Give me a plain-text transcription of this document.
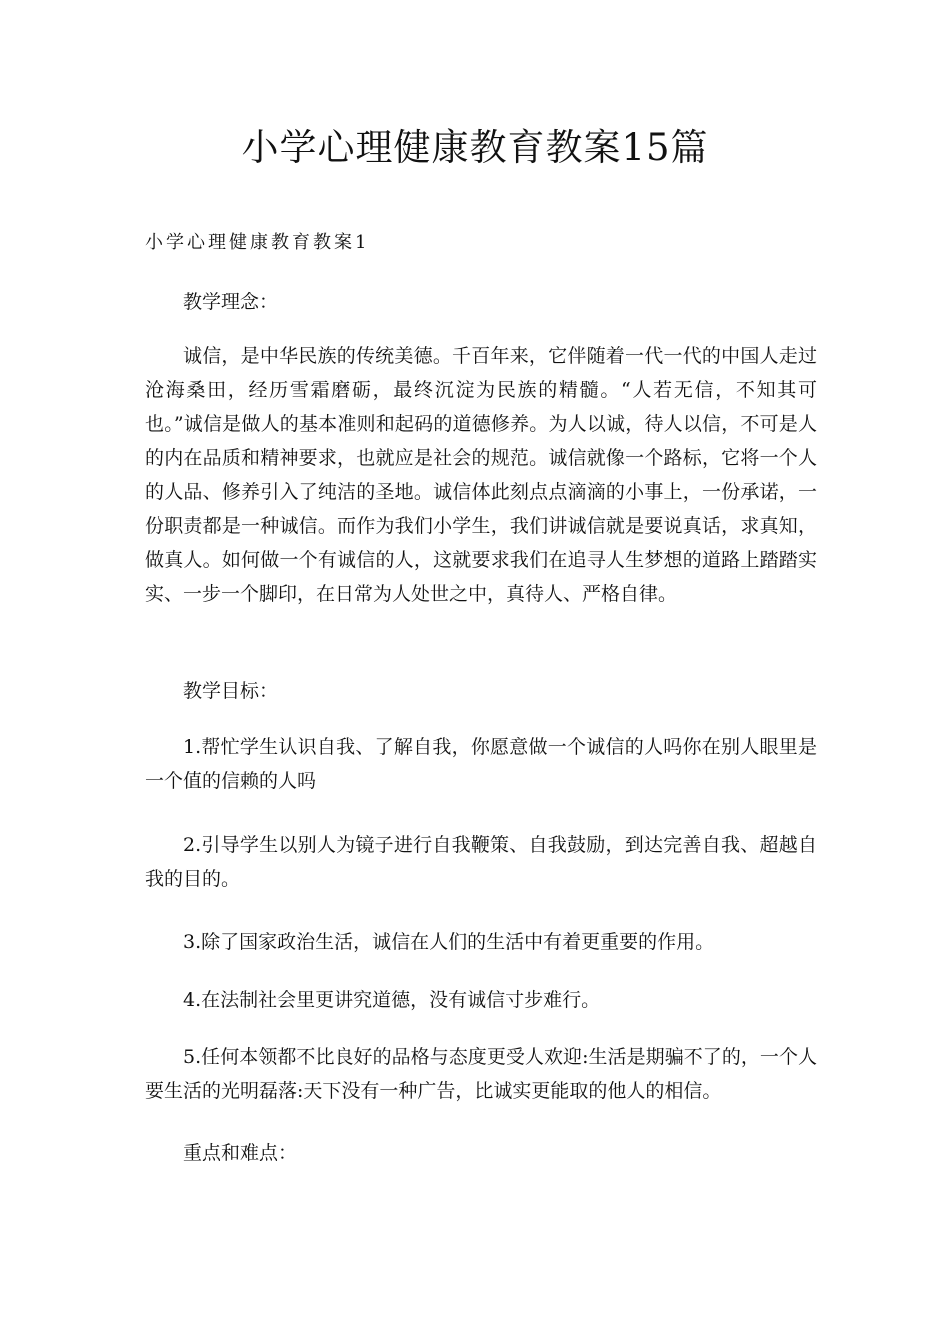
小学心理健康教育教案15篇

小学心理健康教育教案1

教学理念：

诚信，是中华民族的传统美德。千百年来，它伴随着一代一代的中国人走过沧海桑田，经历雪霜磨砺，最终沉淀为民族的精髓。“人若无信，不知其可也。”诚信是做人的基本准则和起码的道德修养。为人以诚，待人以信，不可是人的内在品质和精神要求，也就应是社会的规范。诚信就像一个路标，它将一个人的人品、修养引入了纯洁的圣地。诚信体此刻点点滴滴的小事上，一份承诺，一份职责都是一种诚信。而作为我们小学生，我们讲诚信就是要说真话，求真知，做真人。如何做一个有诚信的人，这就要求我们在追寻人生梦想的道路上踏踏实实、一步一个脚印，在日常为人处世之中，真待人、严格自律。

教学目标：

1.帮忙学生认识自我、了解自我，你愿意做一个诚信的人吗你在别人眼里是一个值的信赖的人吗

2.引导学生以别人为镜子进行自我鞭策、自我鼓励，到达完善自我、超越自我的目的。

3.除了国家政治生活，诚信在人们的生活中有着更重要的作用。

4.在法制社会里更讲究道德，没有诚信寸步难行。

5.任何本领都不比良好的品格与态度更受人欢迎:生活是期骗不了的，一个人要生活的光明磊落:天下没有一种广告，比诚实更能取的他人的相信。

重点和难点：
